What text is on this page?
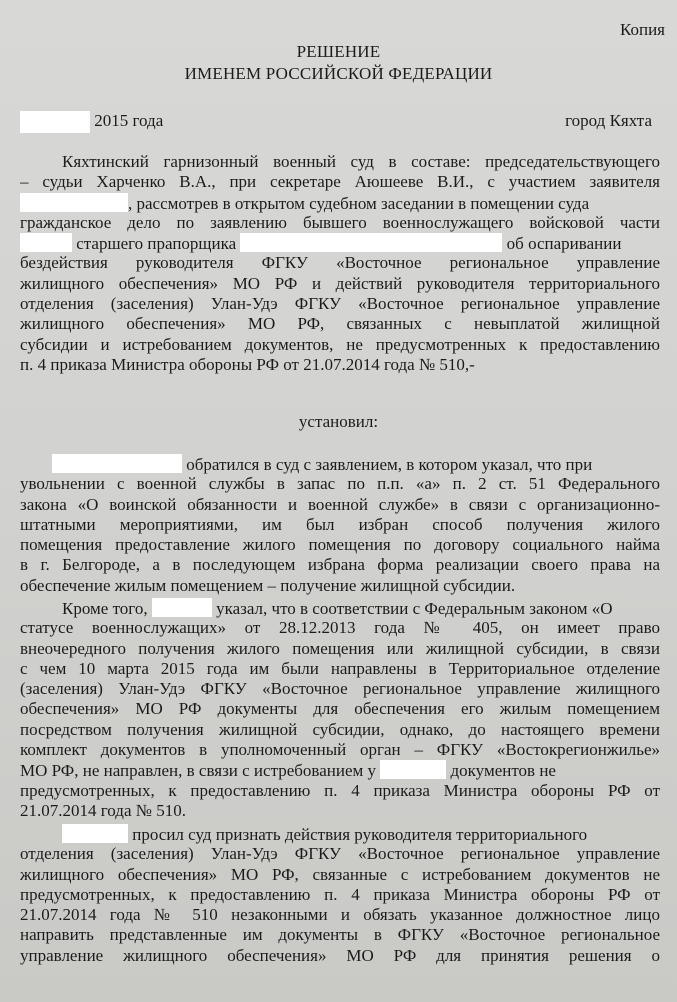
Копия
РЕШЕНИЕ
ИМЕНЕМ РОССИЙСКОЙ ФЕДЕРАЦИИ
2015 года	город Кяхта
Кяхтинский гарнизонный военный суд в составе: председательствующего
– судьи Харченко В.А., при секретаре Аюшееве В.И., с участием заявителя
, рассмотрев в открытом судебном заседании в помещении суда
гражданское дело по заявлению бывшего военнослужащего войсковой части
старшего прапорщика	об оспаривании
бездействия руководителя ФГКУ «Восточное региональное управление
жилищного обеспечения» МО РФ и действий руководителя территориального
отделения (заселения) Улан-Удэ ФГКУ «Восточное региональное управление
жилищного обеспечения» МО РФ, связанных с невыплатой жилищной
субсидии и истребованием документов, не предусмотренных к предоставлению
п. 4 приказа Министра обороны РФ от 21.07.2014 года № 510,-
установил:
обратился в суд с заявлением, в котором указал, что при
увольнении с военной службы в запас по п.п. «а» п. 2 ст. 51 Федерального
закона «О воинской обязанности и военной службе» в связи с организационно-
штатными мероприятиями, им был избран способ получения жилого
помещения предоставление жилого помещения по договору социального найма
в г. Белгороде, а в последующем избрана форма реализации своего права на
обеспечение жилым помещением – получение жилищной субсидии.
Кроме того,	указал, что в соответствии с Федеральным законом «О
статусе военнослужащих» от 28.12.2013 года № 405, он имеет право
внеочередного получения жилого помещения или жилищной субсидии, в связи
с чем 10 марта 2015 года им были направлены в Территориальное отделение
(заселения) Улан-Удэ ФГКУ «Восточное региональное управление жилищного
обеспечения» МО РФ документы для обеспечения его жилым помещением
посредством получения жилищной субсидии, однако, до настоящего времени
комплект документов в уполномоченный орган – ФГКУ «Востокрегионжилье»
МО РФ, не направлен, в связи с истребованием у	документов не
предусмотренных, к предоставлению п. 4 приказа Министра обороны РФ от
21.07.2014 года № 510.
просил суд признать действия руководителя территориального
отделения (заселения) Улан-Удэ ФГКУ «Восточное региональное управление
жилищного обеспечения» МО РФ, связанные с истребованием документов не
предусмотренных, к предоставлению п. 4 приказа Министра обороны РФ от
21.07.2014 года № 510 незаконными и обязать указанное должностное лицо
направить представленные им документы в ФГКУ «Восточное региональное
управление жилищного обеспечения» МО РФ для принятия решения о
